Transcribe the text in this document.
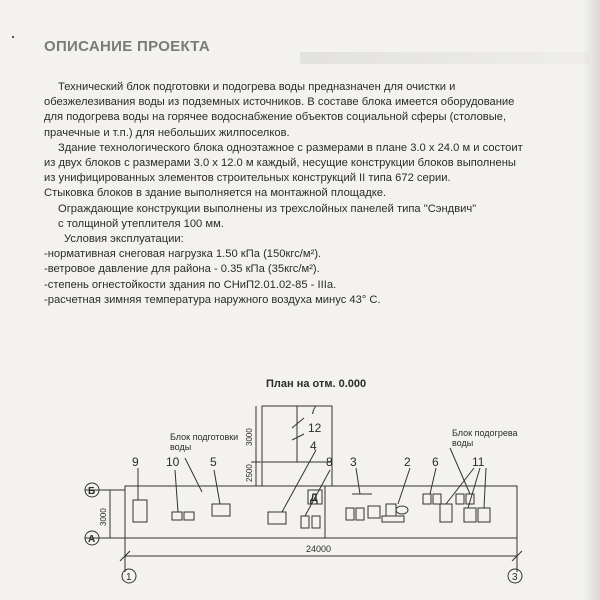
ОПИСАНИЕ ПРОЕКТА

Технический блок подготовки и подогрева воды предназначен для очистки и

обезжелезивания воды из подземных источников. В составе блока имеется оборудование

для подогрева воды на горячее водоснабжение объектов социальной сферы (столовые,

прачечные и т.п.) для небольших жилпоселков.

Здание технологического блока одноэтажное с размерами в плане 3.0 х 24.0 м и состоит

из двух блоков с размерами 3.0 х 12.0 м каждый, несущие конструкции блоков выполнены

из унифицированных элементов строительных конструкций II типа 672 серии.

Стыковка блоков в здание выполняется на монтажной площадке.

Ограждающие конструкции выполнены из трехслойных панелей типа "Сэндвич"

с толщиной утеплителя 100 мм.

Условия эксплуатации:

-нормативная снеговая нагрузка 1.50 кПа (150кгс/м²).

-ветровое давление для района - 0.35 кПа (35кгс/м²).

-степень огнестойкости здания по СНиП2.01.02-85 - IIIа.

-расчетная зимняя температура наружного воздуха минус 43° С.

План на отм. 0.000
Д
7
12
4
8
9 10	5	3	2 6	11
Блок подготовки
воды
Блок подогрева
воды
Б
А
1	3
24000
3000
3000
2500
